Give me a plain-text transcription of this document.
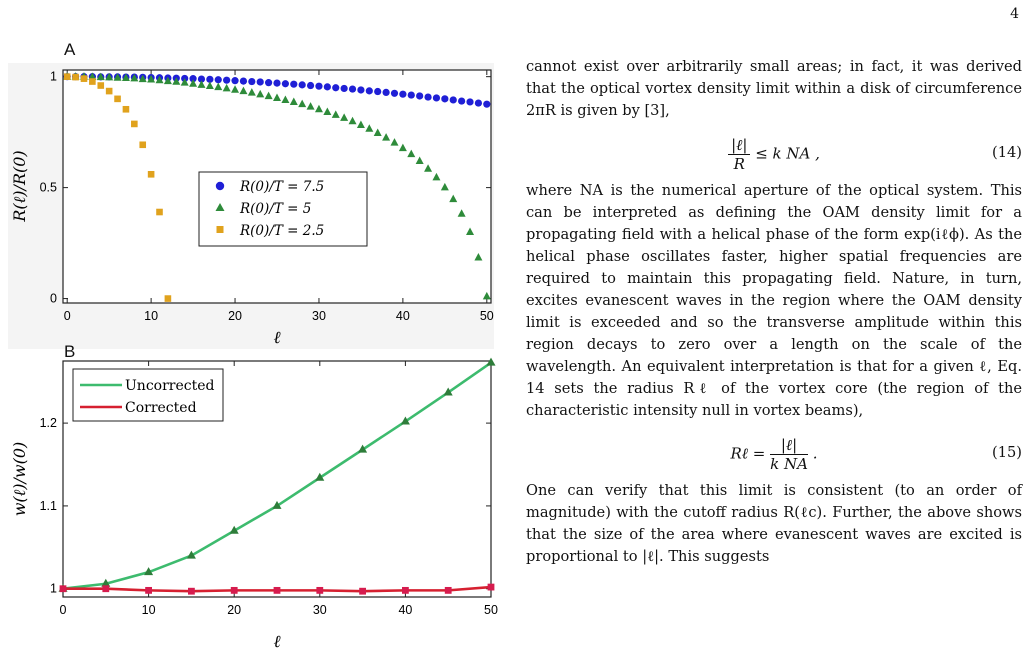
4
A
0	10	20	30	40	50
0
0.5
1
ℓ
R(ℓ)/R(0)	R(0)/T = 7.5
R(0)/T = 5
R(0)/T = 2.5
B
0	10	20	30	40	50
1
1.1
1.2
ℓ
w(ℓ)/w(0)
Uncorrected
Corrected

cannot exist over arbitrarily small areas; in fact, it was derived that the optical vortex density limit within a disk of circumference 2πR is given by [3],

$\frac{\text{|ℓ|}}{R} \le k$ NA ,	(14)

where NA is the numerical aperture of the optical system. This can be interpreted as defining the OAM density limit for a propagating field with a helical phase of the form exp(iℓϕ). As the helical phase oscillates faster, higher spatial frequencies are required to maintain this propagating field. Nature, in turn, excites evanescent waves in the region where the OAM density limit is exceeded and so the transverse amplitude within this region decays to zero over a length on the scale of the wavelength. An equivalent interpretation is that for a given ℓ, Eq. 14 sets the radius Rℓ of the vortex core (the region of the characteristic intensity null in vortex beams),

Rℓ = $\frac{\text{|ℓ|}}{\text{k NA}}$ .	(15)

One can verify that this limit is consistent (to an order of magnitude) with the cutoff radius R(ℓc). Further, the above shows that the size of the area where evanescent waves are excited is proportional to |ℓ|. This suggests
